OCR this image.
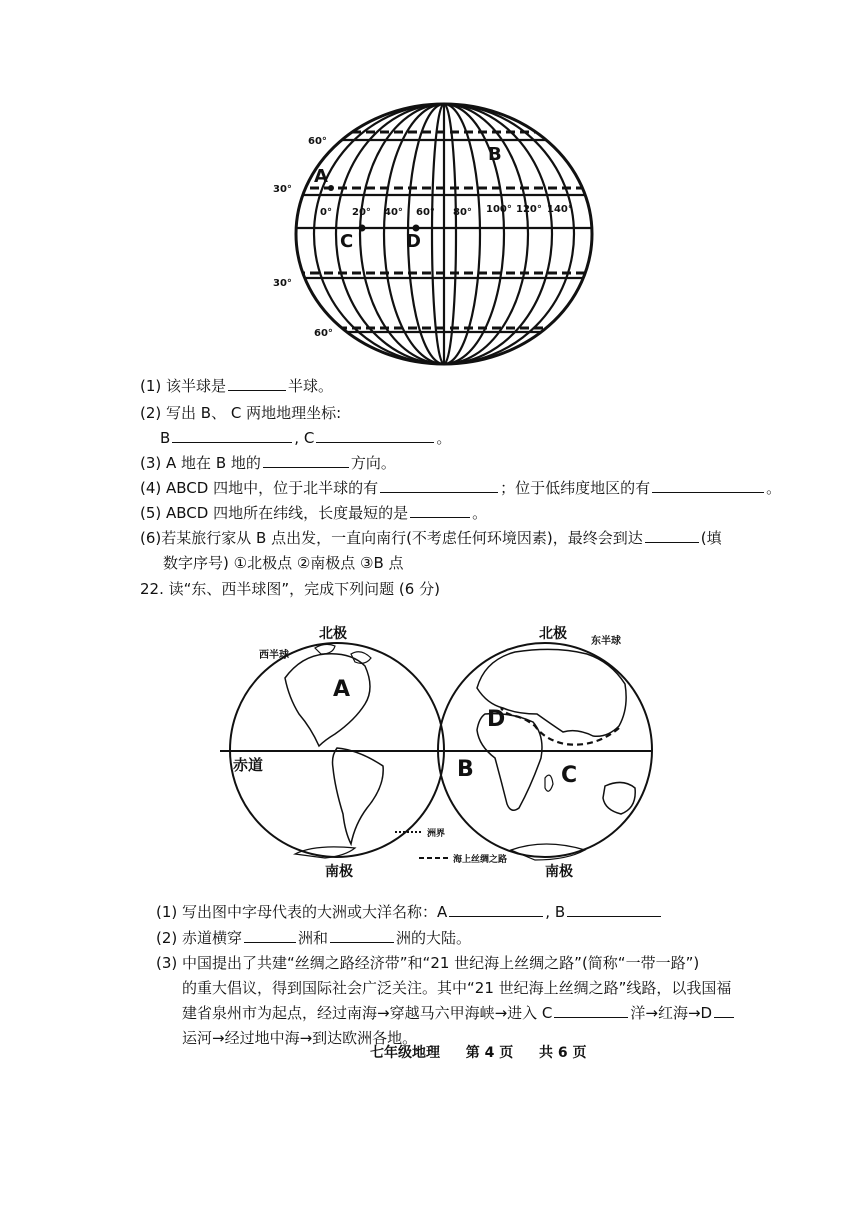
60°
30°
30°
60°
0° 20° 40° 60° 80° 100° 120° 140°
A
B
C	D
(1) 该半球是	半球。
(2) 写出 B、 C 两地地理坐标:
B	, C	。
(3) A 地在 B 地的	方向。
(4) ABCD 四地中，位于北半球的有	；位于低纬度地区的有	。
(5) ABCD 四地所在纬线，长度最短的是	。
(6)若某旅行家从 B 点出发，一直向南行(不考虑任何环境因素)，最终会到达	(填
数字序号) ①北极点 ②南极点 ③B 点
22. 读“东、西半球图”，完成下列问题 (6 分)
北极	北极
南极	南极
西半球
东半球
赤道
A
B	C
D
洲界
海上丝绸之路
(1) 写出图中字母代表的大洲或大洋名称：A	, B
(2) 赤道横穿	洲和	洲的大陆。
(3) 中国提出了共建“丝绸之路经济带”和“21 世纪海上丝绸之路”(简称“一带一路”)
的重大倡议，得到国际社会广泛关注。其中“21 世纪海上丝绸之路”线路，以我国福
建省泉州市为起点，经过南海→穿越马六甲海峡→进入 C	洋→红海→D
运河→经过地中海→到达欧洲各地。
七年级地理 第 4 页 共 6 页
